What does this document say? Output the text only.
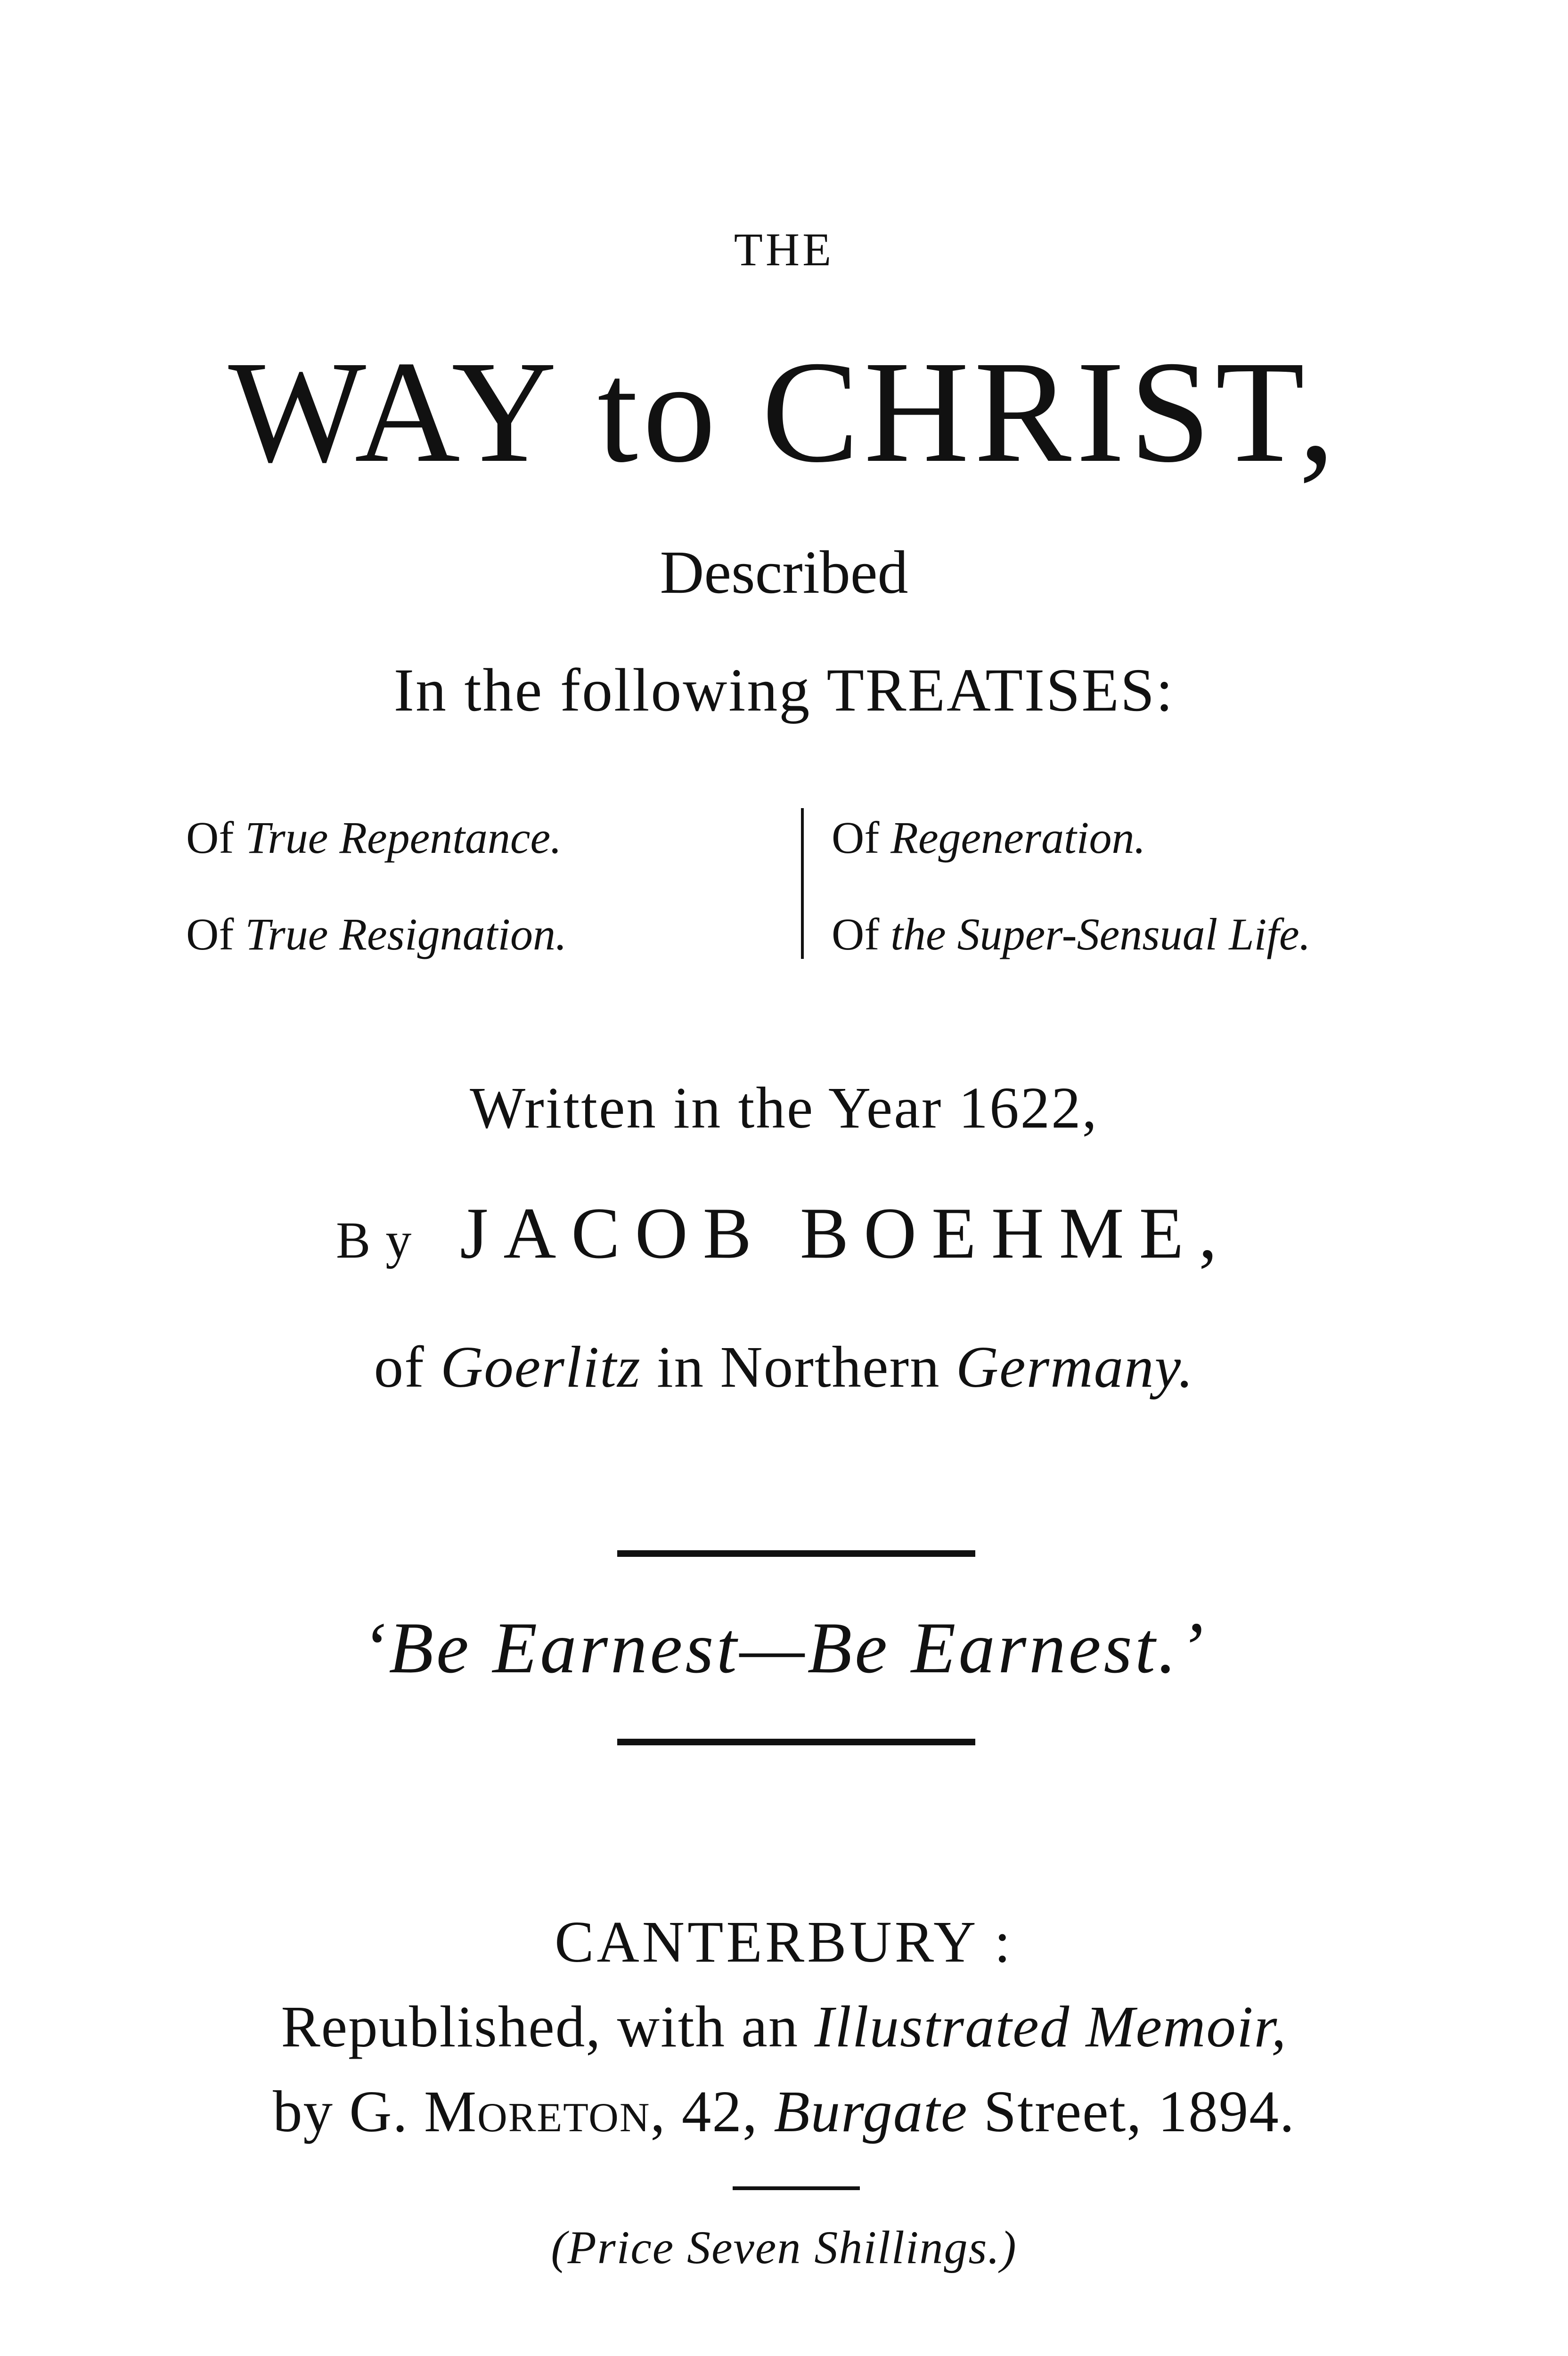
THE
WAY to CHRIST,
Described
In the following TREATISES:
Of True Repentance.
Of True Resignation.
Of Regeneration.
Of the Super-Sensual Life.
Written in the Year 1622,
By JACOB BOEHME,
of Goerlitz in Northern Germany.
‘Be Earnest—Be Earnest.’
CANTERBURY :
Republished, with an Illustrated Memoir,
by G. Moreton, 42, Burgate Street, 1894.
(Price Seven Shillings.)
